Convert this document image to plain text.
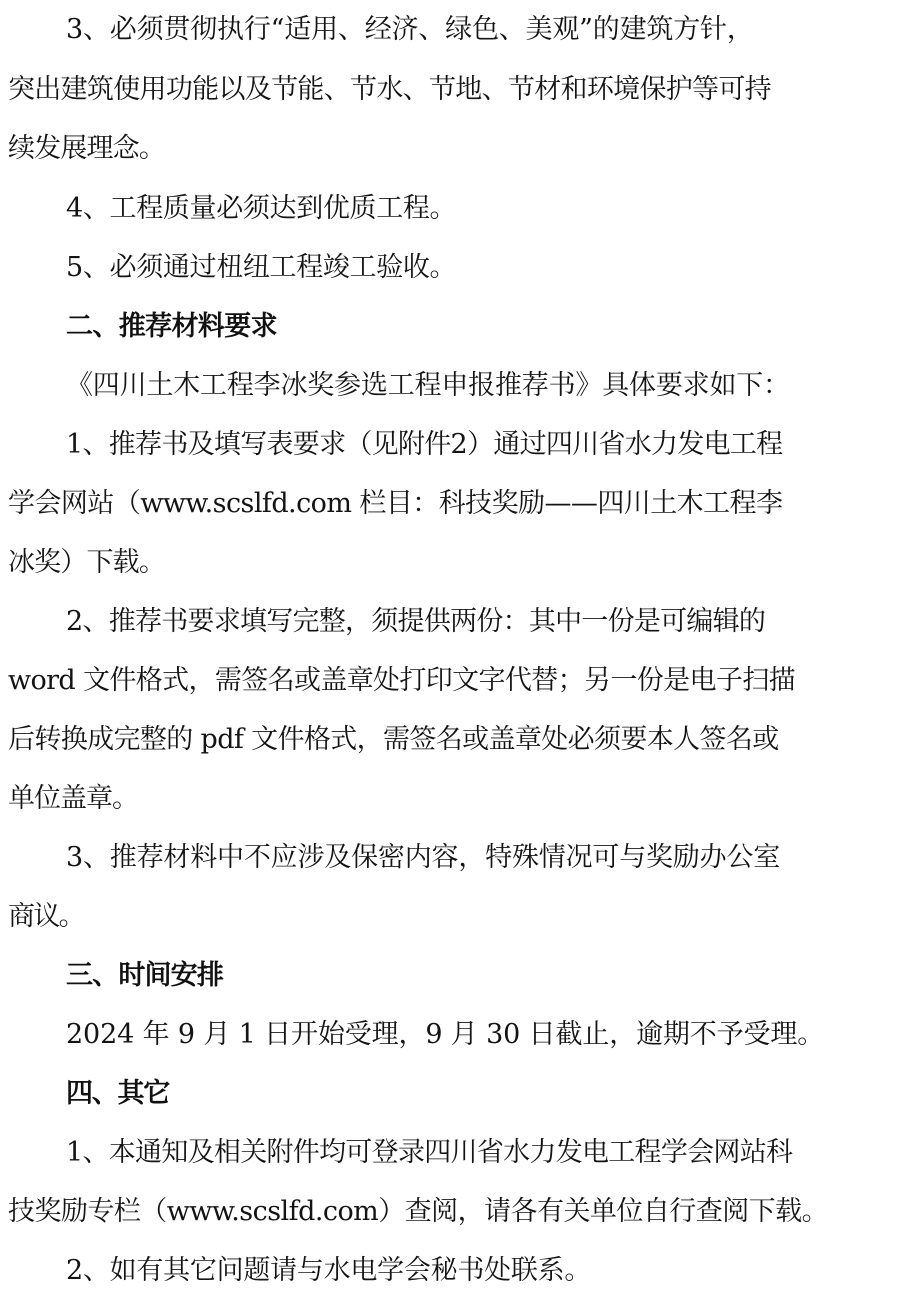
3、必须贯彻执行“适用、经济、绿色、美观”的建筑方针，
突出建筑使用功能以及节能、节水、节地、节材和环境保护等可持
续发展理念。
4、工程质量必须达到优质工程。
5、必须通过杻纽工程竣工验收。
二、推荐材料要求
《四川土木工程李冰奖参选工程申报推荐书》具体要求如下：
1、推荐书及填写表要求（见附件2）通过四川省水力发电工程
学会网站（www.scslfd.com 栏目：科技奖励——四川土木工程李
冰奖）下载。
2、推荐书要求填写完整，须提供两份：其中一份是可编辑的
word 文件格式，需签名或盖章处打印文字代替；另一份是电子扫描
后转换成完整的 pdf 文件格式，需签名或盖章处必须要本人签名或
单位盖章。
3、推荐材料中不应涉及保密内容，特殊情况可与奖励办公室
商议。
三、时间安排
2024 年 9 月 1 日开始受理，9 月 30 日截止，逾期不予受理。
四、其它
1、本通知及相关附件均可登录四川省水力发电工程学会网站科
技奖励专栏（www.scslfd.com）查阅，请各有关单位自行查阅下载。
2、如有其它问题请与水电学会秘书处联系。
